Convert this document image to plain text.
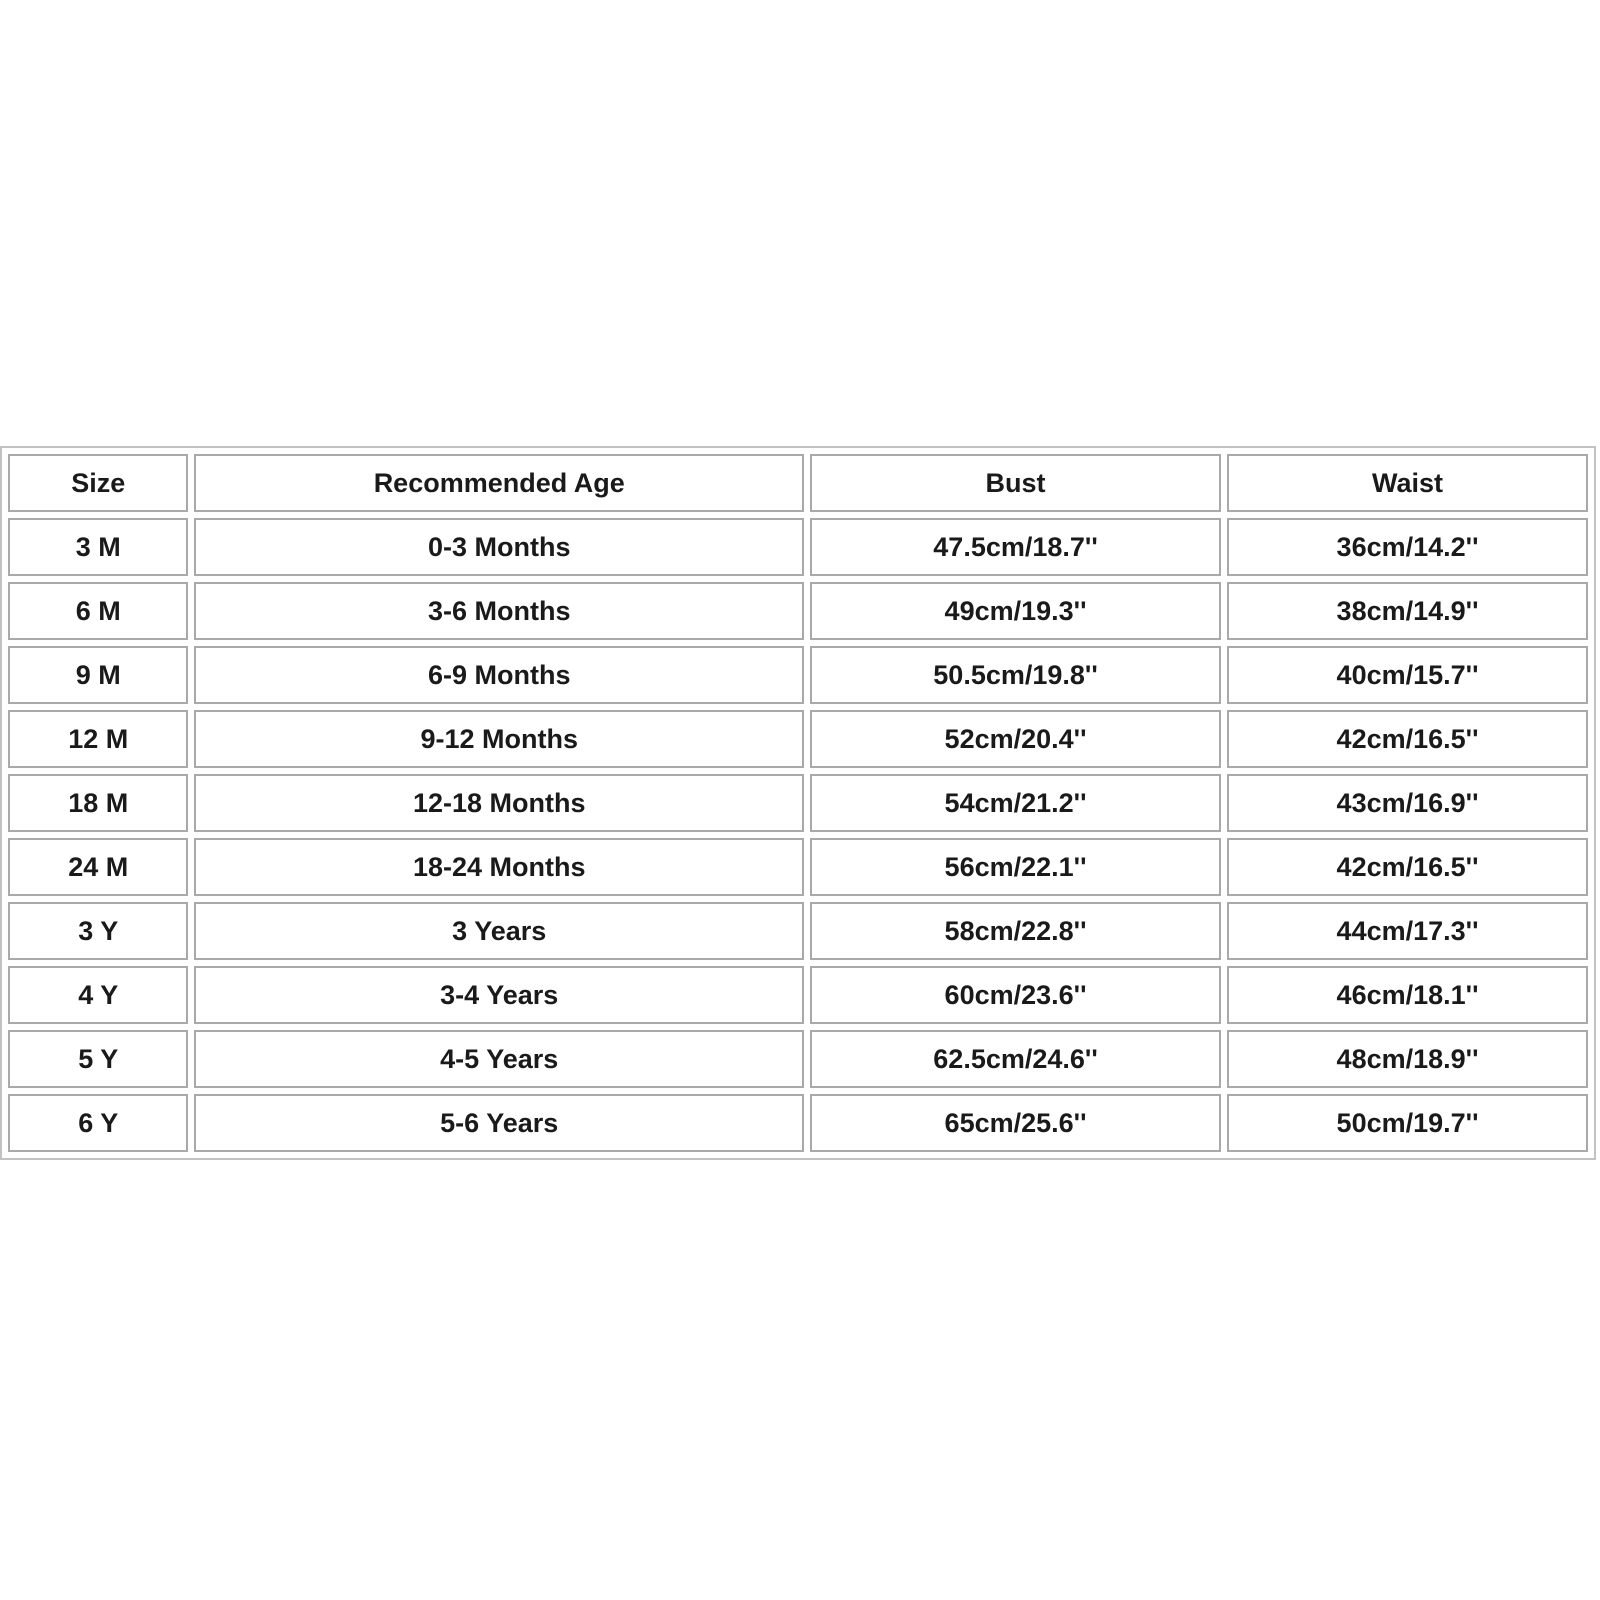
Size	Recommended Age	Bust	Waist
3 M	0-3 Months	47.5cm/18.7''	36cm/14.2''
6 M	3-6 Months	49cm/19.3''	38cm/14.9''
9 M	6-9 Months	50.5cm/19.8''	40cm/15.7''
12 M	9-12 Months	52cm/20.4''	42cm/16.5''
18 M	12-18 Months	54cm/21.2''	43cm/16.9''
24 M	18-24 Months	56cm/22.1''	42cm/16.5''
3 Y	3 Years	58cm/22.8''	44cm/17.3''
4 Y	3-4 Years	60cm/23.6''	46cm/18.1''
5 Y	4-5 Years	62.5cm/24.6''	48cm/18.9''
6 Y	5-6 Years	65cm/25.6''	50cm/19.7''
